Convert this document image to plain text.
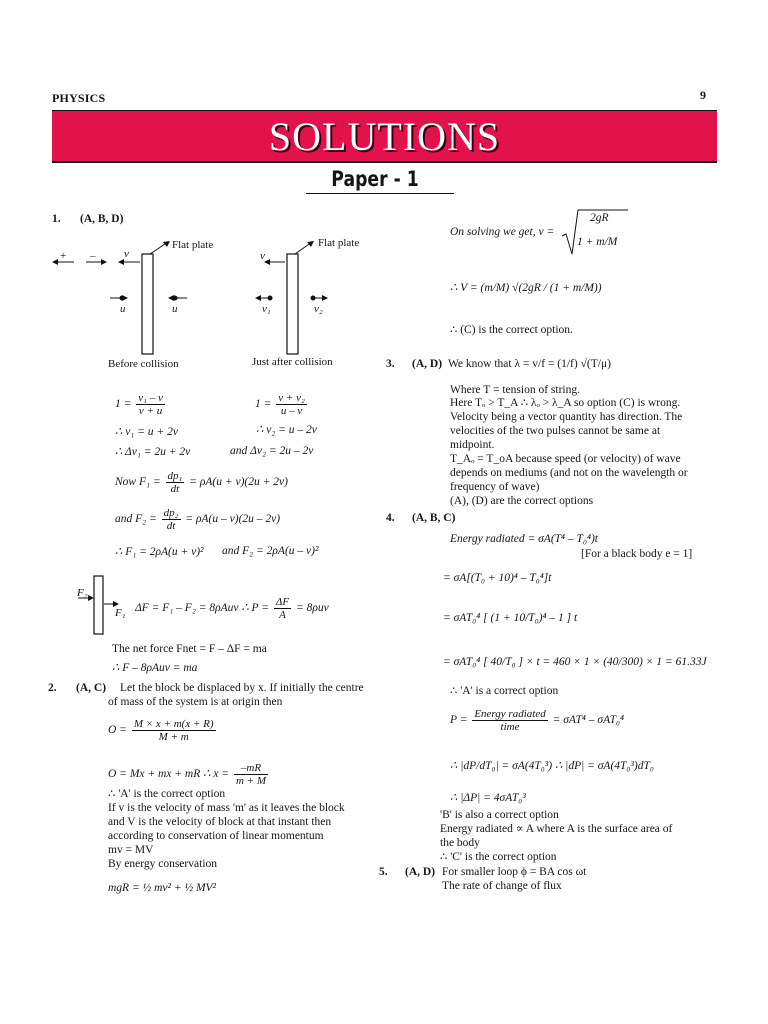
PHYSICS	9
SOLUTIONS
Paper - 1
1. (A, B, D)
Flat plate	Flat plate
+ –	v	v
u	u	v₁	v₂
Before collision	Just after collision
$1 = \frac{\text{v₁ – v}}{v + u}$	$1 = \frac{\text{v + v₂}}{u - v}$
∴ v₁ = u + 2v	∴ v₂ = u – 2v
∴ Δv₁ = 2u + 2v	and Δv₂ = 2u – 2v
Now $F_1 = \frac{\text{dp₁}}{dt} = \rho A(u + v)(2u + 2v)$
and $F_2 = \frac{\text{dp₂}}{dt} = \rho A(u - v)(2u - 2v)$
∴ F₁ = 2ρA(u + v)² and F₂ = 2ρA(u – v)²
F₂
F₁ ΔF = F₁ – F₂ = 8ρAuv ∴ $P = \frac{\Delta F}{A} = 8\rho uv$
The net force Fnet = F – ΔF = ma
∴ F – 8ρAuv = ma
2. (A, C) Let the block be displaced by x. If initially the centre
of mass of the system is at origin then
$O = \frac{M \times x + m(x + R)}{M + m}$
O = Mx + mx + mR ∴ $x = \frac{-mR}{m + M}$
∴ 'A' is the correct option
If v is the velocity of mass 'm' as it leaves the block
and V is the velocity of block at that instant then
according to conservation of linear momentum
mv = MV
By energy conservation
mgR = ½ mv² + ½ MV²
On solving we get, v =
2gR
1 + m/M
∴ V = (m/M) √(2gR / (1 + m/M))
∴ (C) is the correct option.
3. (A, D) We know that λ = v/f = (1/f) √(T/μ)
Where T = tension of string.
Here Tₒ > T_A ∴ λₒ > λ_A so option (C) is wrong.
Velocity being a vector quantity has direction. The
velocities of the two pulses cannot be same at
midpoint.
T_Aₒ = T_oA because speed (or velocity) of wave
depends on mediums (and not on the wavelength or
frequency of wave)
(A), (D) are the correct options
4. (A, B, C)
Energy radiated = σA(T⁴ – T₀⁴)t
[For a black body e = 1]
= σA[(T₀ + 10)⁴ – T₀⁴]t
= σAT₀⁴ [ (1 + 10/T₀)⁴ – 1 ] t
= σAT₀⁴ [ 40/T₀ ] × t = 460 × 1 × (40/300) × 1 = 61.33J
∴ 'A' is a correct option
$P = \frac{\text{Energy radiated}}{\text{time}} = \sigma AT^4 - \sigma AT_0^4$
∴ |dP/dT₀| = σA(4T₀³) ∴ |dP| = σA(4T₀³)dT₀
∴ |ΔP| = 4σAT₀³
'B' is also a correct option
Energy radiated ∝ A where A is the surface area of
the body
∴ 'C' is the correct option
5. (A, D) For smaller loop ϕ = BA cos ωt
The rate of change of flux
